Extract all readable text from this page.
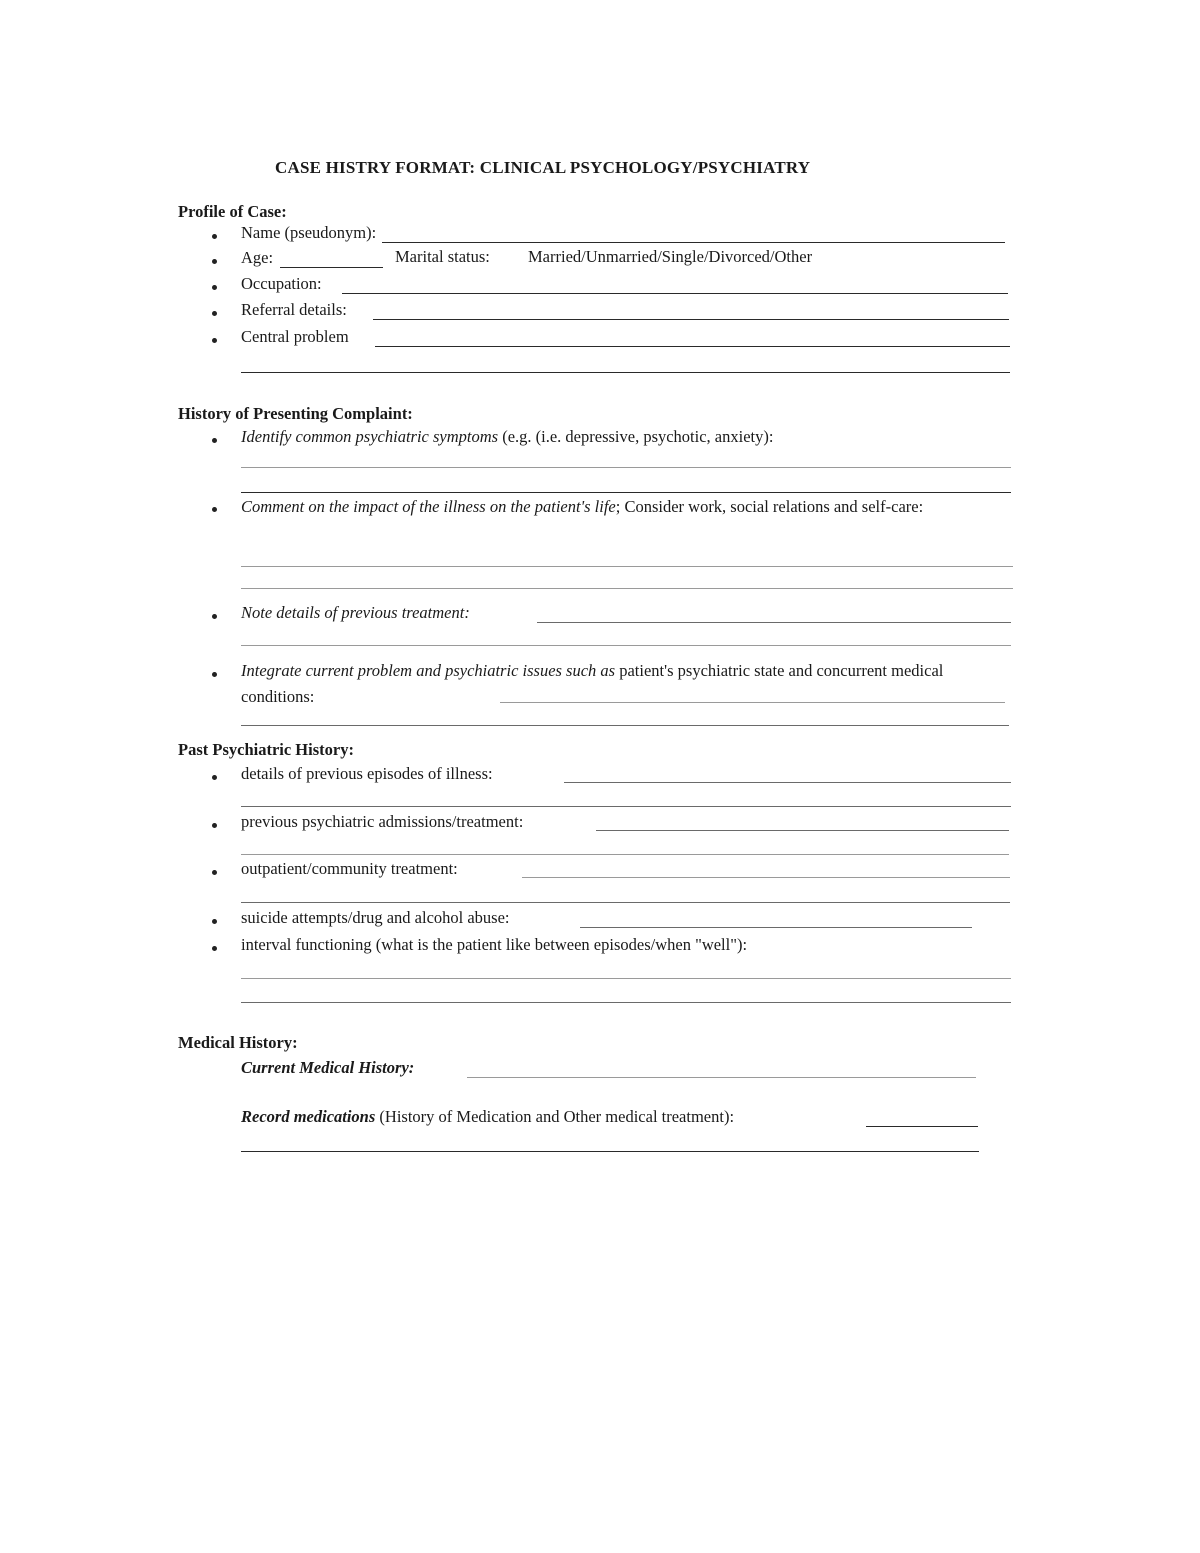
CASE HISTRY FORMAT: CLINICAL PSYCHOLOGY/PSYCHIATRY
Profile of Case:
Name (pseudonym):
Age:	Marital status: Married/Unmarried/Single/Divorced/Other
Occupation:
Referral details:
Central problem
History of Presenting Complaint:
Identify common psychiatric symptoms (e.g. (i.e. depressive, psychotic, anxiety):
Comment on the impact of the illness on the patient's life; Consider work, social relations and self-care:
Note details of previous treatment:
Integrate current problem and psychiatric issues such as patient's psychiatric state and concurrent medical conditions:
Past Psychiatric History:
details of previous episodes of illness:
previous psychiatric admissions/treatment:
outpatient/community treatment:
suicide attempts/drug and alcohol abuse:
interval functioning (what is the patient like between episodes/when "well"):
Medical History:
Current Medical History:
Record medications (History of Medication and Other medical treatment):
